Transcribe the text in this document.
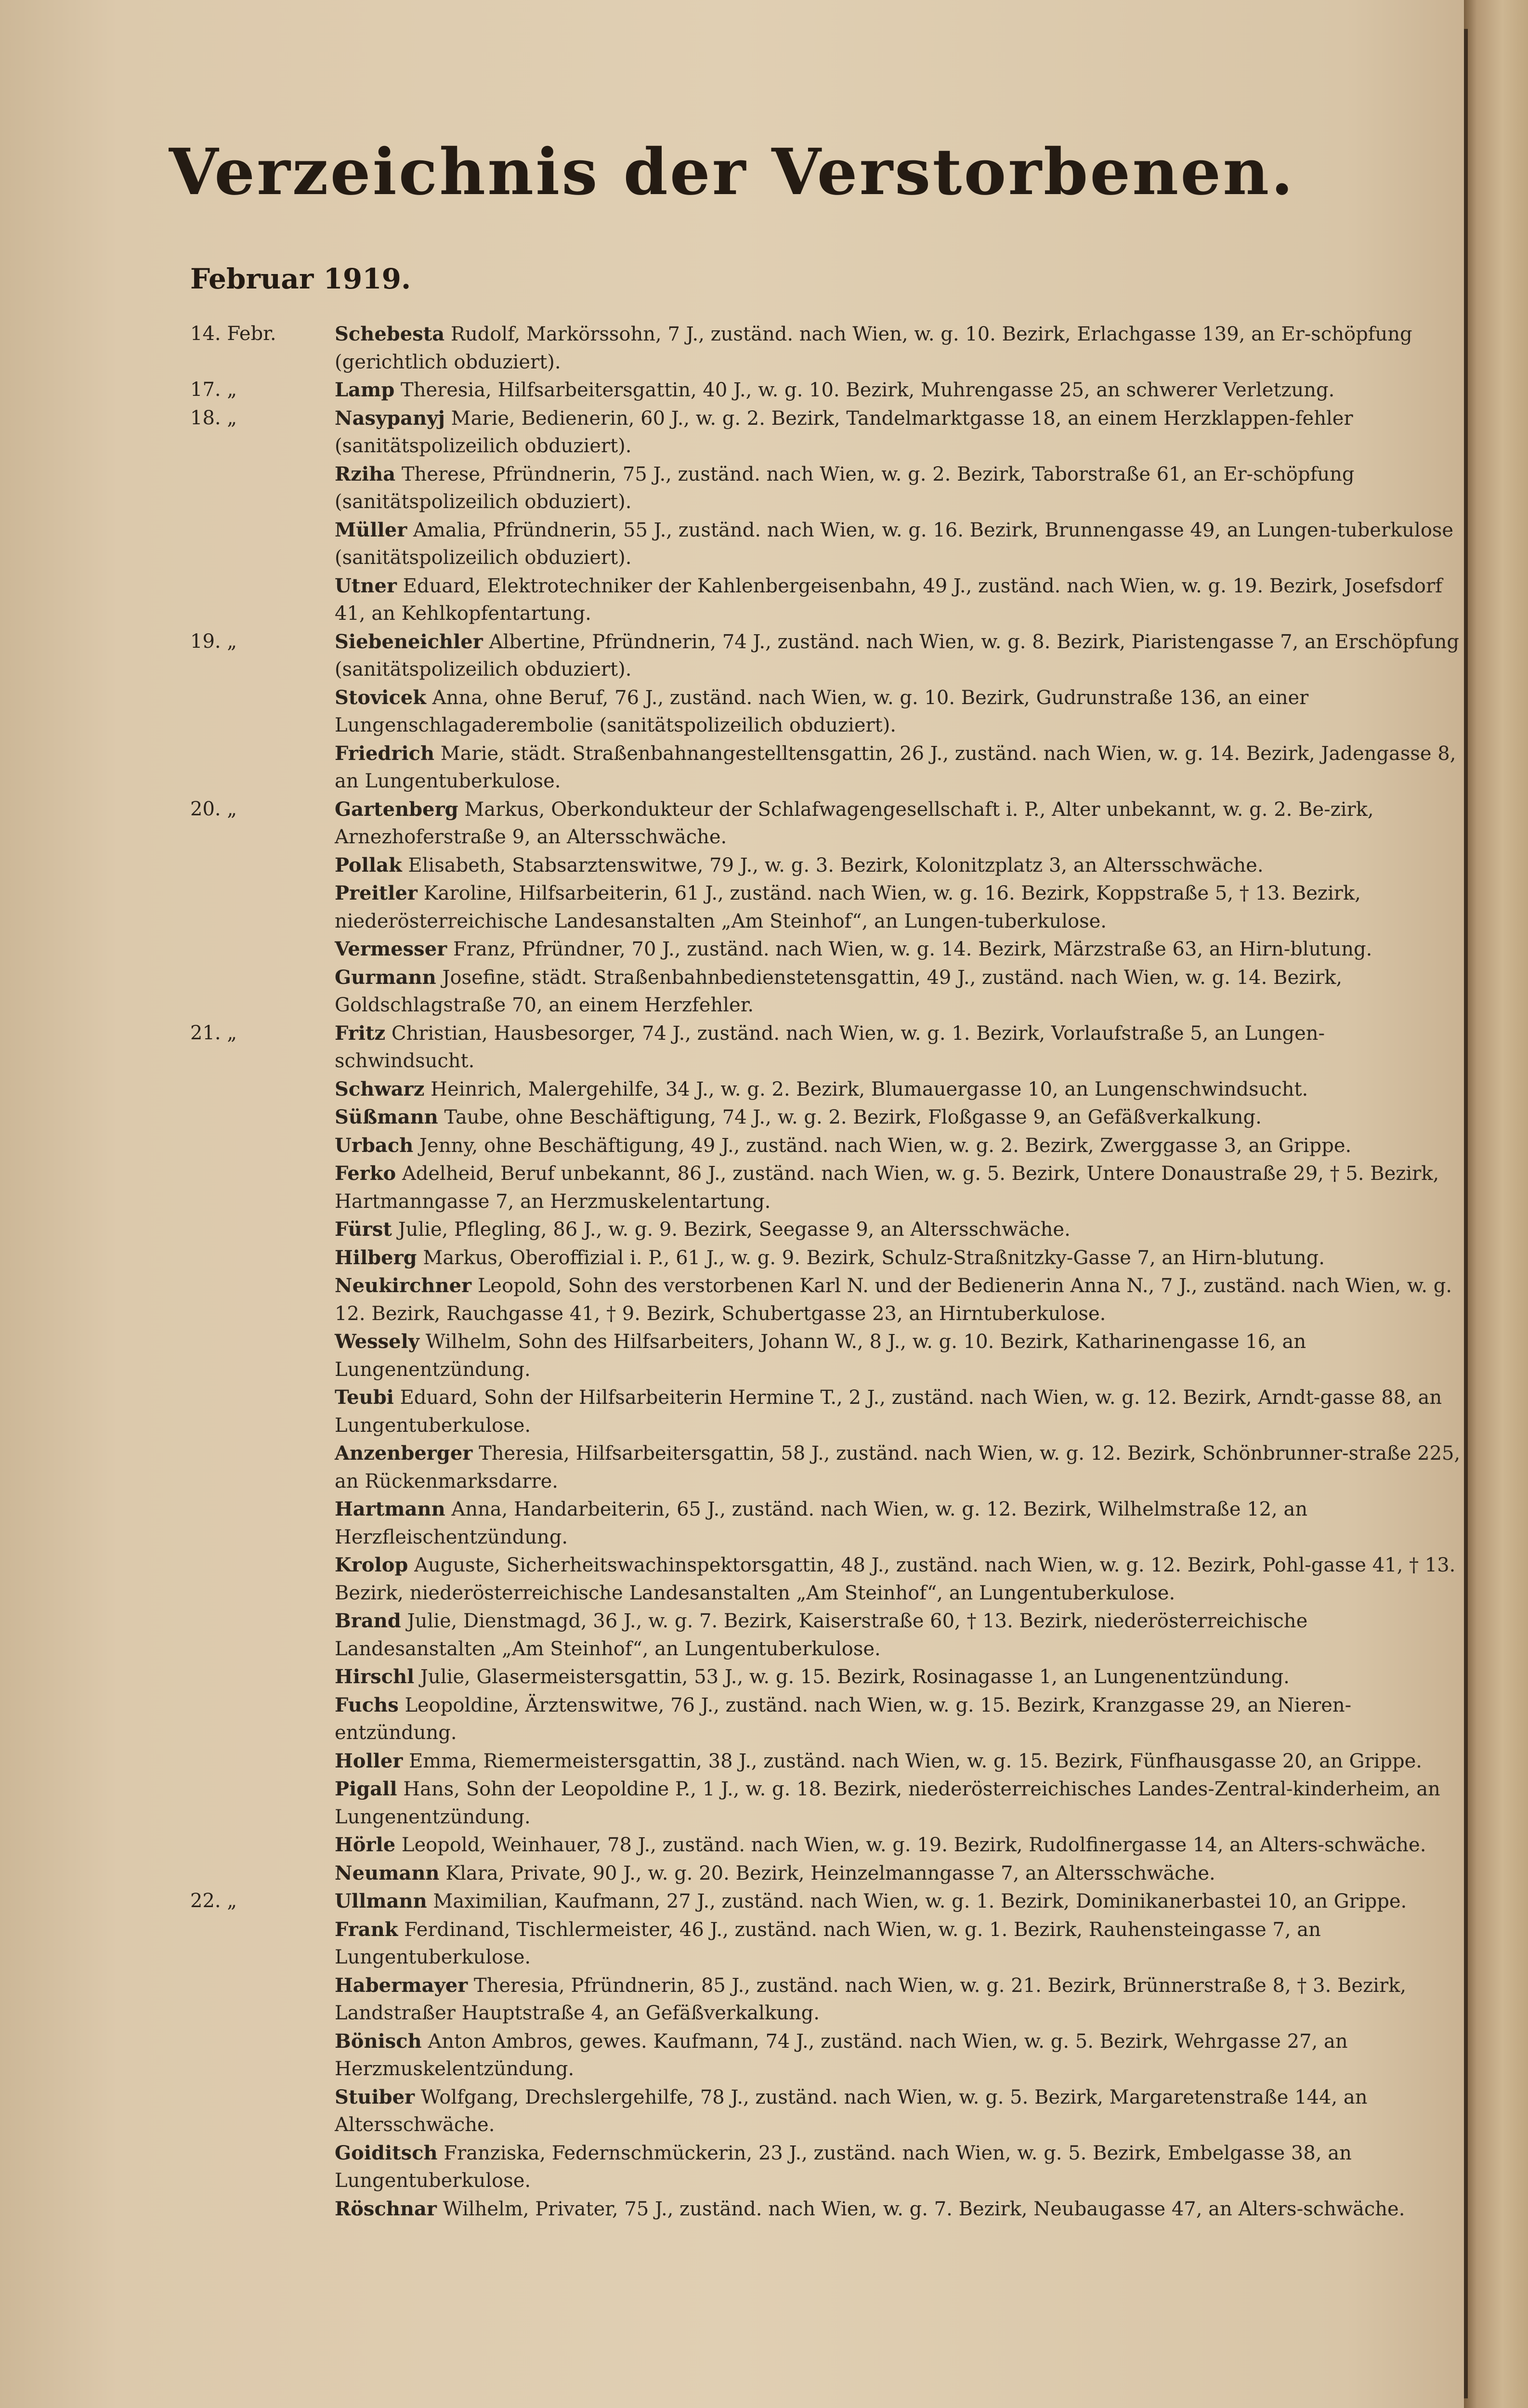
Verzeichnis der Verstorbenen.
Februar 1919.
14. Febr.	Schebesta Rudolf, Markörssohn, 7 J., zuständ. nach Wien, w. g. 10. Bezirk, Erlachgasse 139, an Er-schöpfung (gerichtlich obduziert).
17. „	Lamp Theresia, Hilfsarbeitersgattin, 40 J., w. g. 10. Bezirk, Muhrengasse 25, an schwerer Verletzung.
18. „	Nasypanyj Marie, Bedienerin, 60 J., w. g. 2. Bezirk, Tandelmarktgasse 18, an einem Herzklappen-fehler (sanitätspolizeilich obduziert).
Rziha Therese, Pfründnerin, 75 J., zuständ. nach Wien, w. g. 2. Bezirk, Taborstraße 61, an Er-schöpfung (sanitätspolizeilich obduziert).
Müller Amalia, Pfründnerin, 55 J., zuständ. nach Wien, w. g. 16. Bezirk, Brunnengasse 49, an Lungen-tuberkulose (sanitätspolizeilich obduziert).
Utner Eduard, Elektrotechniker der Kahlenbergeisenbahn, 49 J., zuständ. nach Wien, w. g. 19. Bezirk, Josefsdorf 41, an Kehlkopfentartung.
19. „	Siebeneichler Albertine, Pfründnerin, 74 J., zuständ. nach Wien, w. g. 8. Bezirk, Piaristengasse 7, an Erschöpfung (sanitätspolizeilich obduziert).
Stovicek Anna, ohne Beruf, 76 J., zuständ. nach Wien, w. g. 10. Bezirk, Gudrunstraße 136, an einer Lungenschlagaderembolie (sanitätspolizeilich obduziert).
Friedrich Marie, städt. Straßenbahnangestelltensgattin, 26 J., zuständ. nach Wien, w. g. 14. Bezirk, Jadengasse 8, an Lungentuberkulose.
20. „	Gartenberg Markus, Oberkondukteur der Schlafwagengesellschaft i. P., Alter unbekannt, w. g. 2. Be-zirk, Arnezhoferstraße 9, an Altersschwäche.
Pollak Elisabeth, Stabsarztenswitwe, 79 J., w. g. 3. Bezirk, Kolonitzplatz 3, an Altersschwäche.
Preitler Karoline, Hilfsarbeiterin, 61 J., zuständ. nach Wien, w. g. 16. Bezirk, Koppstraße 5, † 13. Bezirk, niederösterreichische Landesanstalten „Am Steinhof“, an Lungen-tuberkulose.
Vermesser Franz, Pfründner, 70 J., zuständ. nach Wien, w. g. 14. Bezirk, Märzstraße 63, an Hirn-blutung.
Gurmann Josefine, städt. Straßenbahnbedienstetensgattin, 49 J., zuständ. nach Wien, w. g. 14. Bezirk, Goldschlagstraße 70, an einem Herzfehler.
21. „	Fritz Christian, Hausbesorger, 74 J., zuständ. nach Wien, w. g. 1. Bezirk, Vorlaufstraße 5, an Lungen-schwindsucht.
Schwarz Heinrich, Malergehilfe, 34 J., w. g. 2. Bezirk, Blumauergasse 10, an Lungenschwindsucht.
Süßmann Taube, ohne Beschäftigung, 74 J., w. g. 2. Bezirk, Floßgasse 9, an Gefäßverkalkung.
Urbach Jenny, ohne Beschäftigung, 49 J., zuständ. nach Wien, w. g. 2. Bezirk, Zwerggasse 3, an Grippe.
Ferko Adelheid, Beruf unbekannt, 86 J., zuständ. nach Wien, w. g. 5. Bezirk, Untere Donaustraße 29, † 5. Bezirk, Hartmanngasse 7, an Herzmuskelentartung.
Fürst Julie, Pflegling, 86 J., w. g. 9. Bezirk, Seegasse 9, an Altersschwäche.
Hilberg Markus, Oberoffizial i. P., 61 J., w. g. 9. Bezirk, Schulz-Straßnitzky-Gasse 7, an Hirn-blutung.
Neukirchner Leopold, Sohn des verstorbenen Karl N. und der Bedienerin Anna N., 7 J., zuständ. nach Wien, w. g. 12. Bezirk, Rauchgasse 41, † 9. Bezirk, Schubertgasse 23, an Hirntuberkulose.
Wessely Wilhelm, Sohn des Hilfsarbeiters, Johann W., 8 J., w. g. 10. Bezirk, Katharinengasse 16, an Lungenentzündung.
Teubi Eduard, Sohn der Hilfsarbeiterin Hermine T., 2 J., zuständ. nach Wien, w. g. 12. Bezirk, Arndt-gasse 88, an Lungentuberkulose.
Anzenberger Theresia, Hilfsarbeitersgattin, 58 J., zuständ. nach Wien, w. g. 12. Bezirk, Schönbrunner-straße 225, an Rückenmarksdarre.
Hartmann Anna, Handarbeiterin, 65 J., zuständ. nach Wien, w. g. 12. Bezirk, Wilhelmstraße 12, an Herzfleischentzündung.
Krolop Auguste, Sicherheitswachinspektorsgattin, 48 J., zuständ. nach Wien, w. g. 12. Bezirk, Pohl-gasse 41, † 13. Bezirk, niederösterreichische Landesanstalten „Am Steinhof“, an Lungentuberkulose.
Brand Julie, Dienstmagd, 36 J., w. g. 7. Bezirk, Kaiserstraße 60, † 13. Bezirk, niederösterreichische Landesanstalten „Am Steinhof“, an Lungentuberkulose.
Hirschl Julie, Glasermeistersgattin, 53 J., w. g. 15. Bezirk, Rosinagasse 1, an Lungenentzündung.
Fuchs Leopoldine, Ärztenswitwe, 76 J., zuständ. nach Wien, w. g. 15. Bezirk, Kranzgasse 29, an Nieren-entzündung.
Holler Emma, Riemermeistersgattin, 38 J., zuständ. nach Wien, w. g. 15. Bezirk, Fünfhausgasse 20, an Grippe.
Pigall Hans, Sohn der Leopoldine P., 1 J., w. g. 18. Bezirk, niederösterreichisches Landes-Zentral-kinderheim, an Lungenentzündung.
Hörle Leopold, Weinhauer, 78 J., zuständ. nach Wien, w. g. 19. Bezirk, Rudolfinergasse 14, an Alters-schwäche.
Neumann Klara, Private, 90 J., w. g. 20. Bezirk, Heinzelmanngasse 7, an Altersschwäche.
22. „	Ullmann Maximilian, Kaufmann, 27 J., zuständ. nach Wien, w. g. 1. Bezirk, Dominikanerbastei 10, an Grippe.
Frank Ferdinand, Tischlermeister, 46 J., zuständ. nach Wien, w. g. 1. Bezirk, Rauhensteingasse 7, an Lungentuberkulose.
Habermayer Theresia, Pfründnerin, 85 J., zuständ. nach Wien, w. g. 21. Bezirk, Brünnerstraße 8, † 3. Bezirk, Landstraßer Hauptstraße 4, an Gefäßverkalkung.
Bönisch Anton Ambros, gewes. Kaufmann, 74 J., zuständ. nach Wien, w. g. 5. Bezirk, Wehrgasse 27, an Herzmuskelentzündung.
Stuiber Wolfgang, Drechslergehilfe, 78 J., zuständ. nach Wien, w. g. 5. Bezirk, Margaretenstraße 144, an Altersschwäche.
Goiditsch Franziska, Federnschmückerin, 23 J., zuständ. nach Wien, w. g. 5. Bezirk, Embelgasse 38, an Lungentuberkulose.
Röschnar Wilhelm, Privater, 75 J., zuständ. nach Wien, w. g. 7. Bezirk, Neubaugasse 47, an Alters-schwäche.
